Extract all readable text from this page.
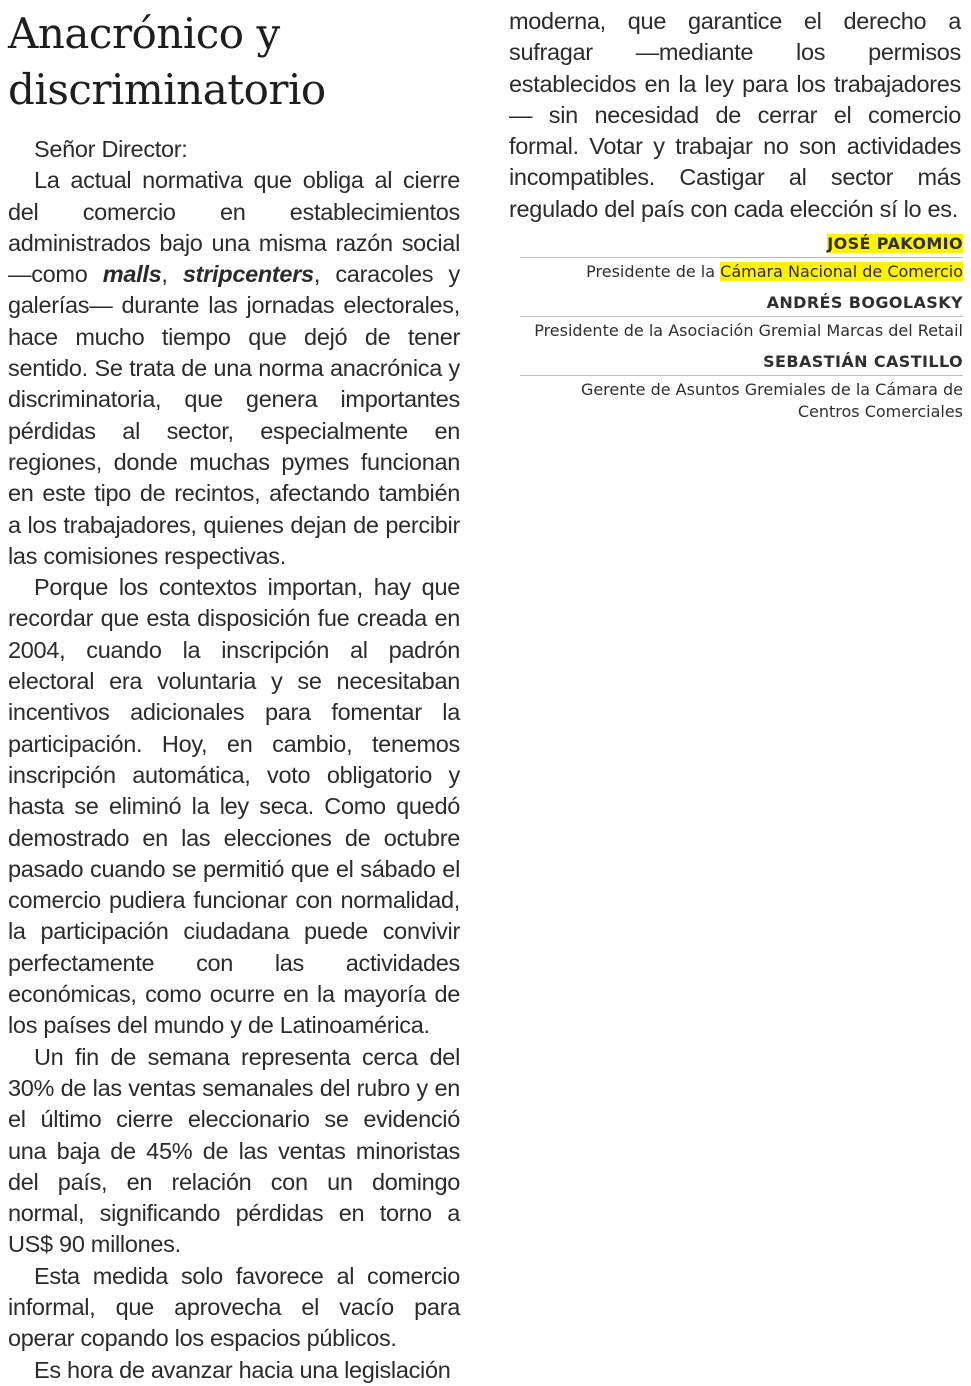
Anacrónico y
discriminatorio

Señor Director:

La actual normativa que obliga al cierre del comercio en establecimientos administrados bajo una misma razón social —como malls, stripcenters, caracoles y galerías— durante las jornadas electorales, hace mucho tiempo que dejó de tener sentido. Se trata de una norma anacrónica y discriminatoria, que genera importantes pérdidas al sector, especialmente en regiones, donde muchas pymes funcionan en este tipo de recintos, afectando también a los trabajadores, quienes dejan de percibir las comisiones respectivas.

Porque los contextos importan, hay que recordar que esta disposición fue creada en 2004, cuando la inscripción al padrón electoral era voluntaria y se necesitaban incentivos adicionales para fomentar la participación. Hoy, en cambio, tenemos inscripción automática, voto obligatorio y hasta se eliminó la ley seca. Como quedó demostrado en las elecciones de octubre pasado cuando se permitió que el sábado el comercio pudiera funcionar con normalidad, la participación ciudadana puede convivir perfectamente con las actividades económicas, como ocurre en la mayoría de los países del mundo y de Latinoamérica.

Un fin de semana representa cerca del 30% de las ventas semanales del rubro y en el último cierre eleccionario se evidenció una baja de 45% de las ventas minoristas del país, en relación con un domingo normal, significando pérdidas en torno a US$ 90 millones.

Esta medida solo favorece al comercio informal, que aprovecha el vacío para operar copando los espacios públicos.

Es hora de avanzar hacia una legislación

moderna, que garantice el derecho a sufragar —mediante los permisos establecidos en la ley para los trabajadores— sin necesidad de cerrar el comercio formal. Votar y trabajar no son actividades incompatibles. Castigar al sector más regulado del país con cada elección sí lo es.

JOSÉ PAKOMIO
Presidente de la Cámara Nacional de Comercio
ANDRÉS BOGOLASKY
Presidente de la Asociación Gremial Marcas del Retail
SEBASTIÁN CASTILLO
Gerente de Asuntos Gremiales de la Cámara de Centros Comerciales
